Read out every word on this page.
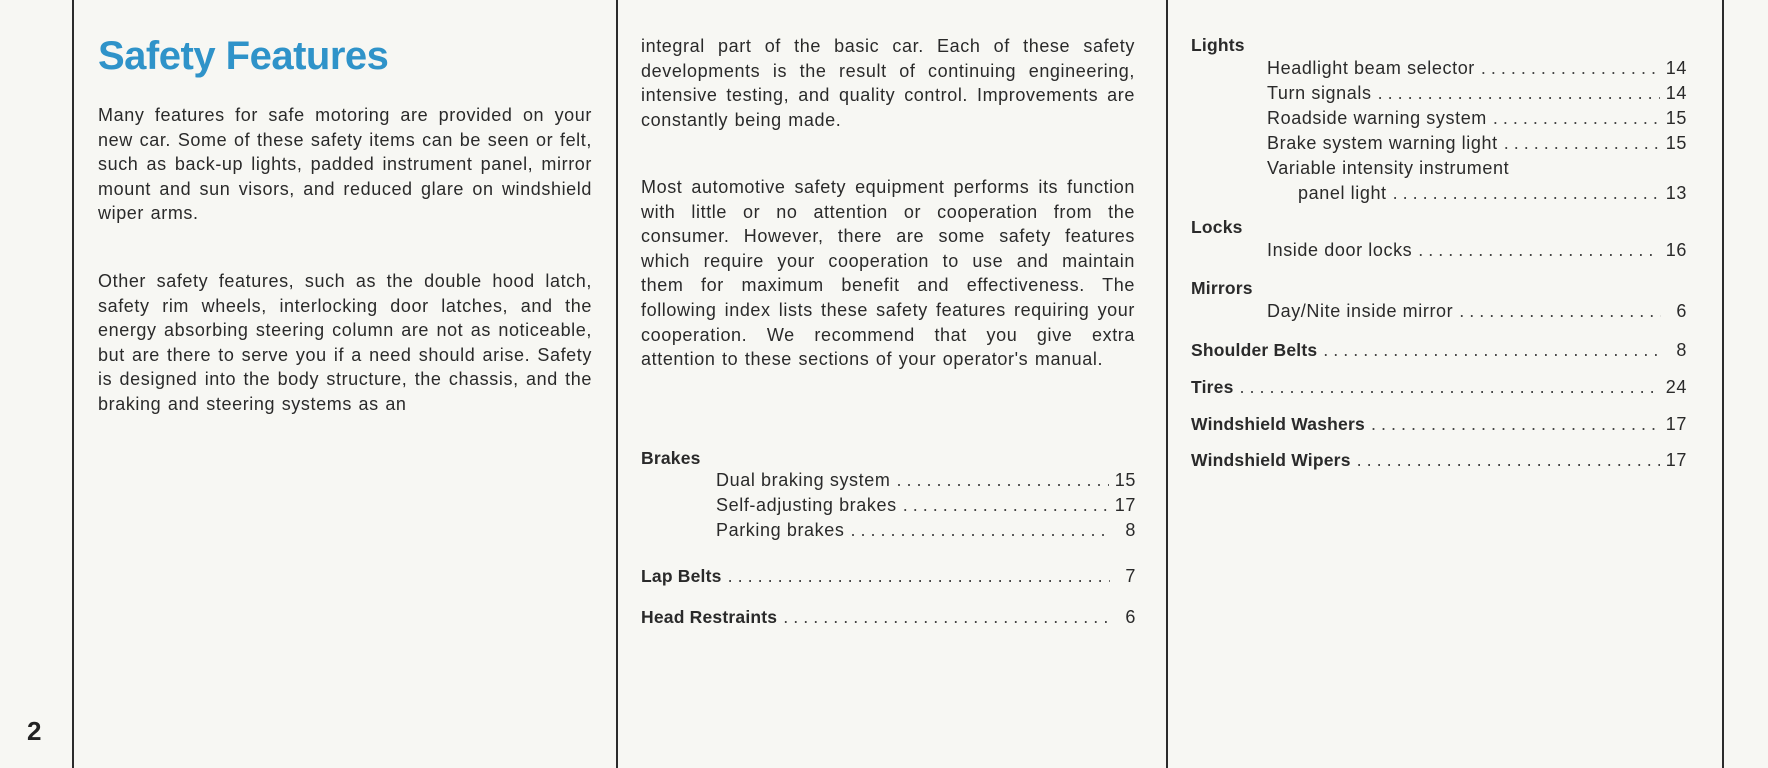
Safety Features

Many features for safe motoring are provided on your new car. Some of these safety items can be seen or felt, such as back-up lights, padded instrument panel, mirror mount and sun visors, and reduced glare on windshield wiper arms.

Other safety features, such as the double hood latch, safety rim wheels, interlocking door latches, and the energy absorbing steering column are not as noticeable, but are there to serve you if a need should arise. Safety is designed into the body structure, the chassis, and the braking and steering systems as an

integral part of the basic car. Each of these safety developments is the result of continuing engineering, intensive testing, and quality control. Improvements are constantly being made.

Most automotive safety equipment performs its function with little or no attention or cooperation from the consumer. However, there are some safety features which require your cooperation to use and maintain them for maximum benefit and effectiveness. The following index lists these safety features requiring your cooperation. We recommend that you give extra attention to these sections of your operator's manual.

2
Brakes
Dual braking system . . .	15
Self-adjusting brakes . . .	17
Parking brakes . . .	8
Lap Belts . . .	7
Head Restraints . . .	6
Lights
Headlight beam selector . . .	14
Turn signals . . .	14
Roadside warning system . . .	15
Brake system warning light . . .	15
Variable intensity instrument
panel light . . .	13
Locks
Inside door locks . . .	16
Mirrors
Day/Nite inside mirror . . .	6
Shoulder Belts . . .	8
Tires . . .	24
Windshield Washers . . .	17
Windshield Wipers . . .	17
